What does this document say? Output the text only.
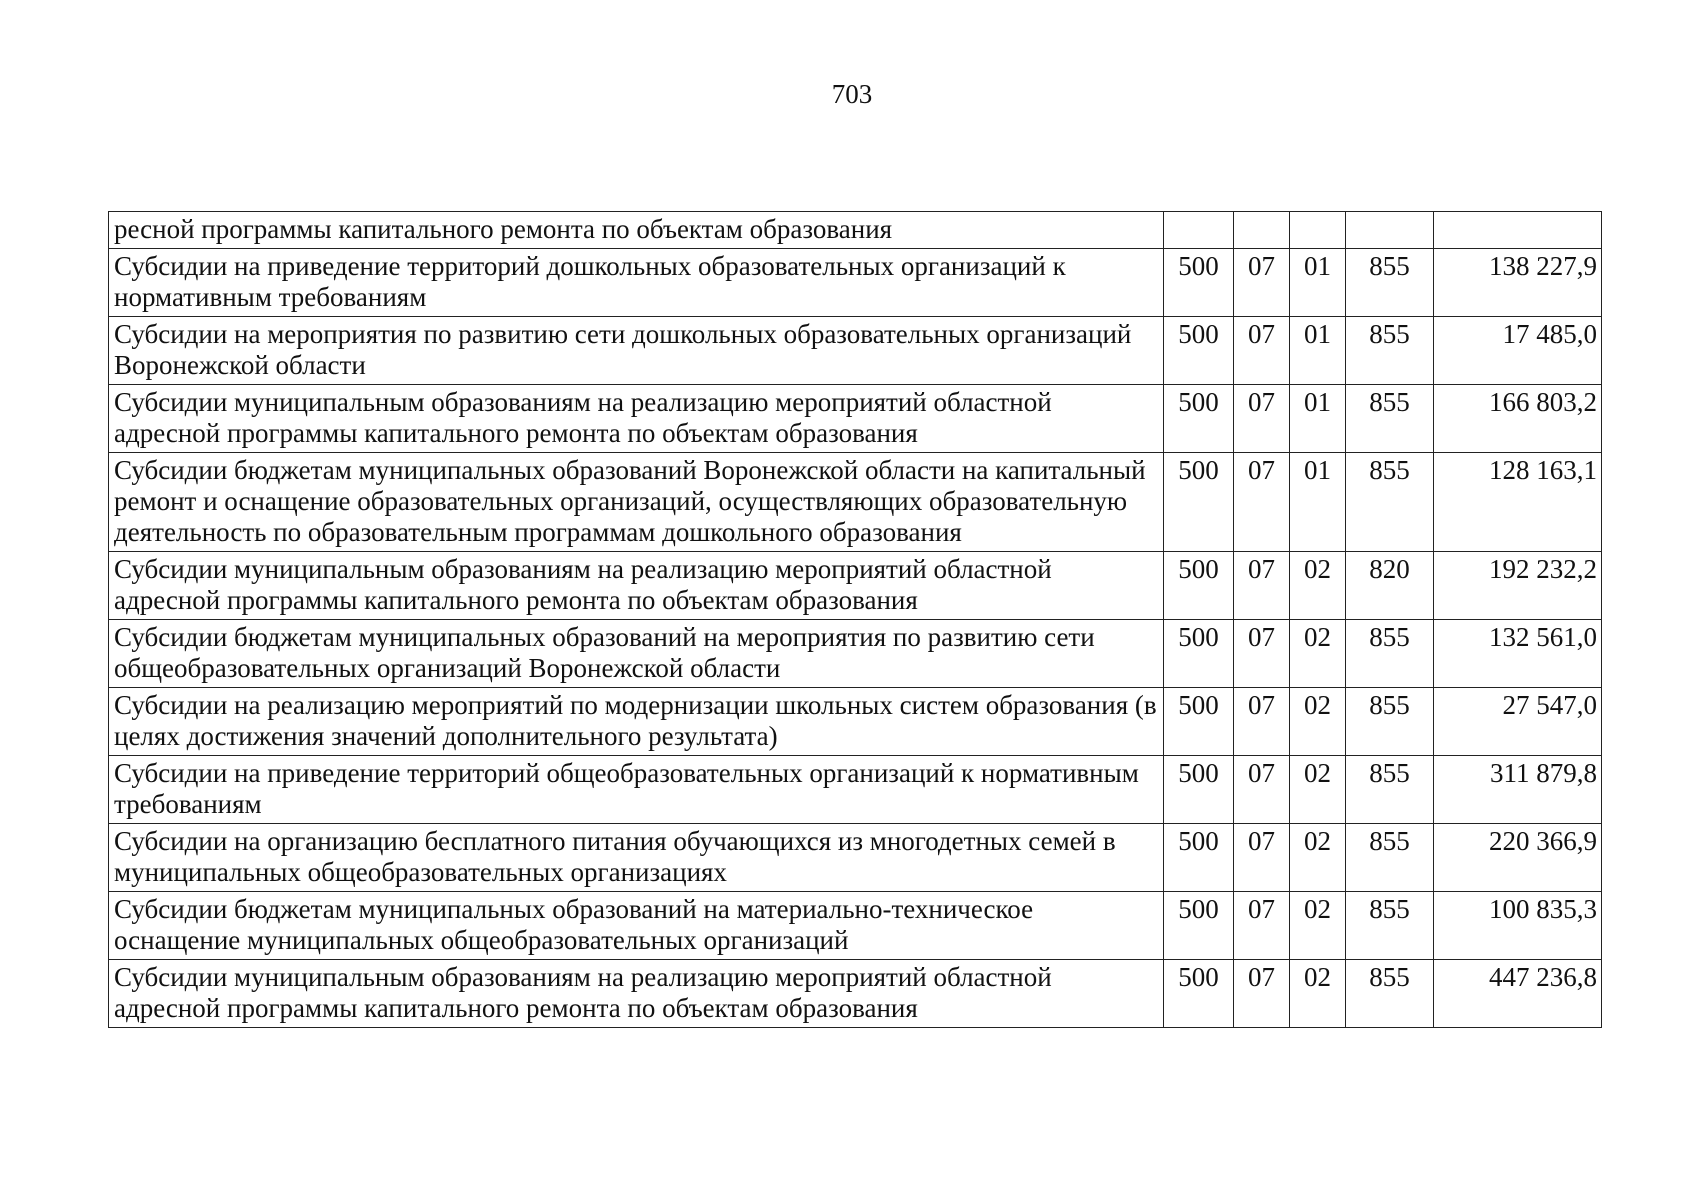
703
ресной программы капитального ремонта по объектам образования					
Субсидии на приведение территорий дошкольных образовательных организаций к нормативным требованиям	500	07	01	855	138 227,9
Субсидии на мероприятия по развитию сети дошкольных образовательных организаций Воронежской области	500	07	01	855	17 485,0
Субсидии муниципальным образованиям на реализацию мероприятий областной адресной программы капитального ремонта по объектам образования	500	07	01	855	166 803,2
Субсидии бюджетам муниципальных образований Воронежской области на капитальный ремонт и оснащение образовательных организаций, осуществляющих образовательную деятельность по образовательным программам дошкольного образования	500	07	01	855	128 163,1
Субсидии муниципальным образованиям на реализацию мероприятий областной адресной программы капитального ремонта по объектам образования	500	07	02	820	192 232,2
Субсидии бюджетам муниципальных образований на мероприятия по развитию сети общеобразовательных организаций Воронежской области	500	07	02	855	132 561,0
Субсидии на реализацию мероприятий по модернизации школьных систем образования (в целях достижения значений дополнительного результата)	500	07	02	855	27 547,0
Субсидии на приведение территорий общеобразовательных организаций к нормативным требованиям	500	07	02	855	311 879,8
Субсидии на организацию бесплатного питания обучающихся из многодетных семей в муниципальных общеобразовательных организациях	500	07	02	855	220 366,9
Субсидии бюджетам муниципальных образований на материально-техническое оснащение муниципальных общеобразовательных организаций	500	07	02	855	100 835,3
Субсидии муниципальным образованиям на реализацию мероприятий областной адресной программы капитального ремонта по объектам образования	500	07	02	855	447 236,8
